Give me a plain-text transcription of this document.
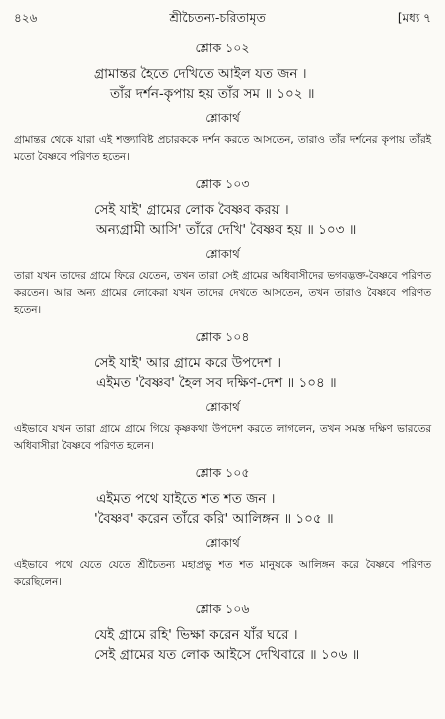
৪২৬	শ্রীচৈতন্য-চরিতামৃত	[মধ্য ৭
শ্লোক ১০২
গ্রামান্তর হৈতে দেখিতে আইল যত জন ।
তাঁর দর্শন-কৃপায় হয় তাঁর সম ॥ ১০২ ॥
শ্লোকার্থ
গ্রামান্তর থেকে যারা এই শক্ত্যাবিষ্ট প্রচারককে দর্শন করতে আসতেন, তারাও তাঁর দর্শনের কৃপায় তাঁরই মতো বৈষ্ণবে পরিণত হতেন।
শ্লোক ১০৩
সেই যাই' গ্রামের লোক বৈষ্ণব করয় ।
অন্যগ্রামী আসি' তাঁরে দেখি' বৈষ্ণব হয় ॥ ১০৩ ॥
শ্লোকার্থ
তারা যখন তাদের গ্রামে ফিরে যেতেন, তখন তারা সেই গ্রামের অধিবাসীদের ভগবদ্ভক্ত-বৈষ্ণবে পরিণত করতেন। আর অন্য গ্রামের লোকেরা যখন তাদের দেখতে আসতেন, তখন তারাও বৈষ্ণবে পরিণত হতেন।
শ্লোক ১০৪
সেই যাই' আর গ্রামে করে উপদেশ ।
এইমত 'বৈষ্ণব' হৈল সব দক্ষিণ-দেশ ॥ ১০৪ ॥
শ্লোকার্থ
এইভাবে যখন তারা গ্রামে গ্রামে গিয়ে কৃষ্ণকথা উপদেশ করতে লাগলেন, তখন সমস্ত দক্ষিণ ভারতের অধিবাসীরা বৈষ্ণবে পরিণত হলেন।
শ্লোক ১০৫
এইমত পথে যাইতে শত শত জন ।
'বৈষ্ণব' করেন তাঁরে করি' আলিঙ্গন ॥ ১০৫ ॥
শ্লোকার্থ
এইভাবে পথে যেতে যেতে শ্রীচৈতন্য মহাপ্রভু শত শত মানুষকে আলিঙ্গন করে বৈষ্ণবে পরিণত করেছিলেন।
শ্লোক ১০৬
যেই গ্রামে রহি' ভিক্ষা করেন যাঁর ঘরে ।
সেই গ্রামের যত লোক আইসে দেখিবারে ॥ ১০৬ ॥
